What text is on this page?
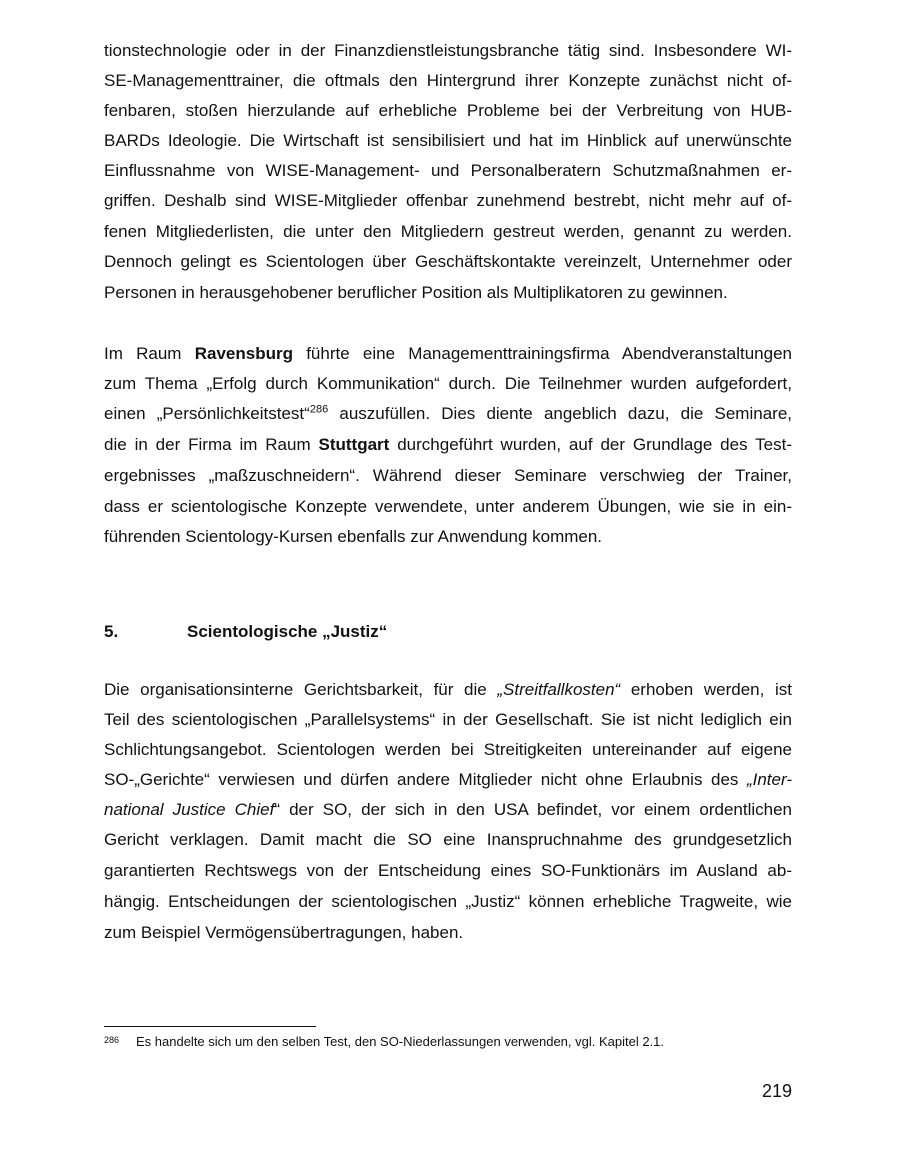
tionstechnologie oder in der Finanzdienstleistungsbranche tätig sind. Insbesondere WI-
SE-Managementtrainer, die oftmals den Hintergrund ihrer Konzepte zunächst nicht of-
fenbaren, stoßen hierzulande auf erhebliche Probleme bei der Verbreitung von HUB-
BARDs Ideologie. Die Wirtschaft ist sensibilisiert und hat im Hinblick auf unerwünschte
Einflussnahme von WISE-Management- und Personalberatern Schutzmaßnahmen er-
griffen. Deshalb sind WISE-Mitglieder offenbar zunehmend bestrebt, nicht mehr auf of-
fenen Mitgliederlisten, die unter den Mitgliedern gestreut werden, genannt zu werden.
Dennoch gelingt es Scientologen über Geschäftskontakte vereinzelt, Unternehmer oder
Personen in herausgehobener beruflicher Position als Multiplikatoren zu gewinnen.
Im Raum Ravensburg führte eine Managementtrainingsfirma Abendveranstaltungen
zum Thema „Erfolg durch Kommunikation“ durch. Die Teilnehmer wurden aufgefordert,
einen „Persönlichkeitstest“$^{286}$ auszufüllen. Dies diente angeblich dazu, die Seminare,
die in der Firma im Raum Stuttgart durchgeführt wurden, auf der Grundlage des Test-
ergebnisses „maßzuschneidern“. Während dieser Seminare verschwieg der Trainer,
dass er scientologische Konzepte verwendete, unter anderem Übungen, wie sie in ein-
führenden Scientology-Kursen ebenfalls zur Anwendung kommen.
5.	Scientologische „Justiz“
Die organisationsinterne Gerichtsbarkeit, für die „Streitfallkosten“ erhoben werden, ist
Teil des scientologischen „Parallelsystems“ in der Gesellschaft. Sie ist nicht lediglich ein
Schlichtungsangebot. Scientologen werden bei Streitigkeiten untereinander auf eigene
SO-„Gerichte“ verwiesen und dürfen andere Mitglieder nicht ohne Erlaubnis des „Inter-
national Justice Chief“ der SO, der sich in den USA befindet, vor einem ordentlichen
Gericht verklagen. Damit macht die SO eine Inanspruchnahme des grundgesetzlich
garantierten Rechtswegs von der Entscheidung eines SO-Funktionärs im Ausland ab-
hängig. Entscheidungen der scientologischen „Justiz“ können erhebliche Tragweite, wie
zum Beispiel Vermögensübertragungen, haben.
286 Es handelte sich um den selben Test, den SO-Niederlassungen verwenden, vgl. Kapitel 2.1.
219
